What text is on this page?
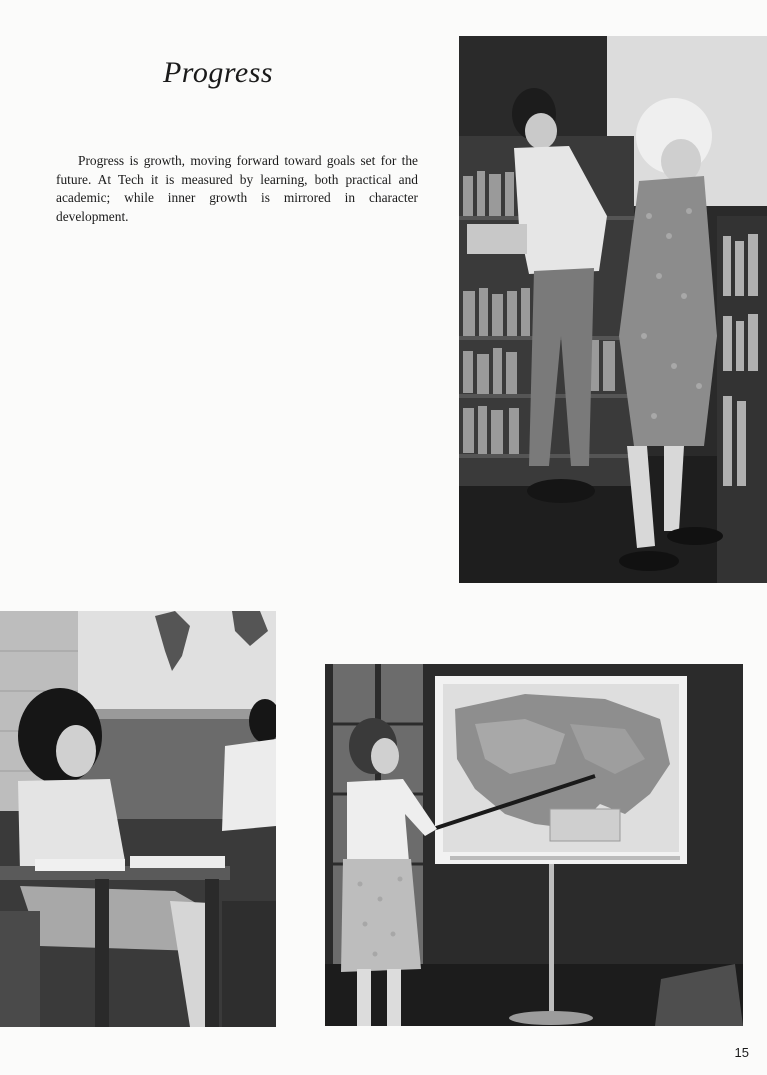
Progress

Progress is growth, moving forward toward goals set for the future. At Tech it is measured by learning, both practical and academic; while inner growth is mirrored in character development.

15
